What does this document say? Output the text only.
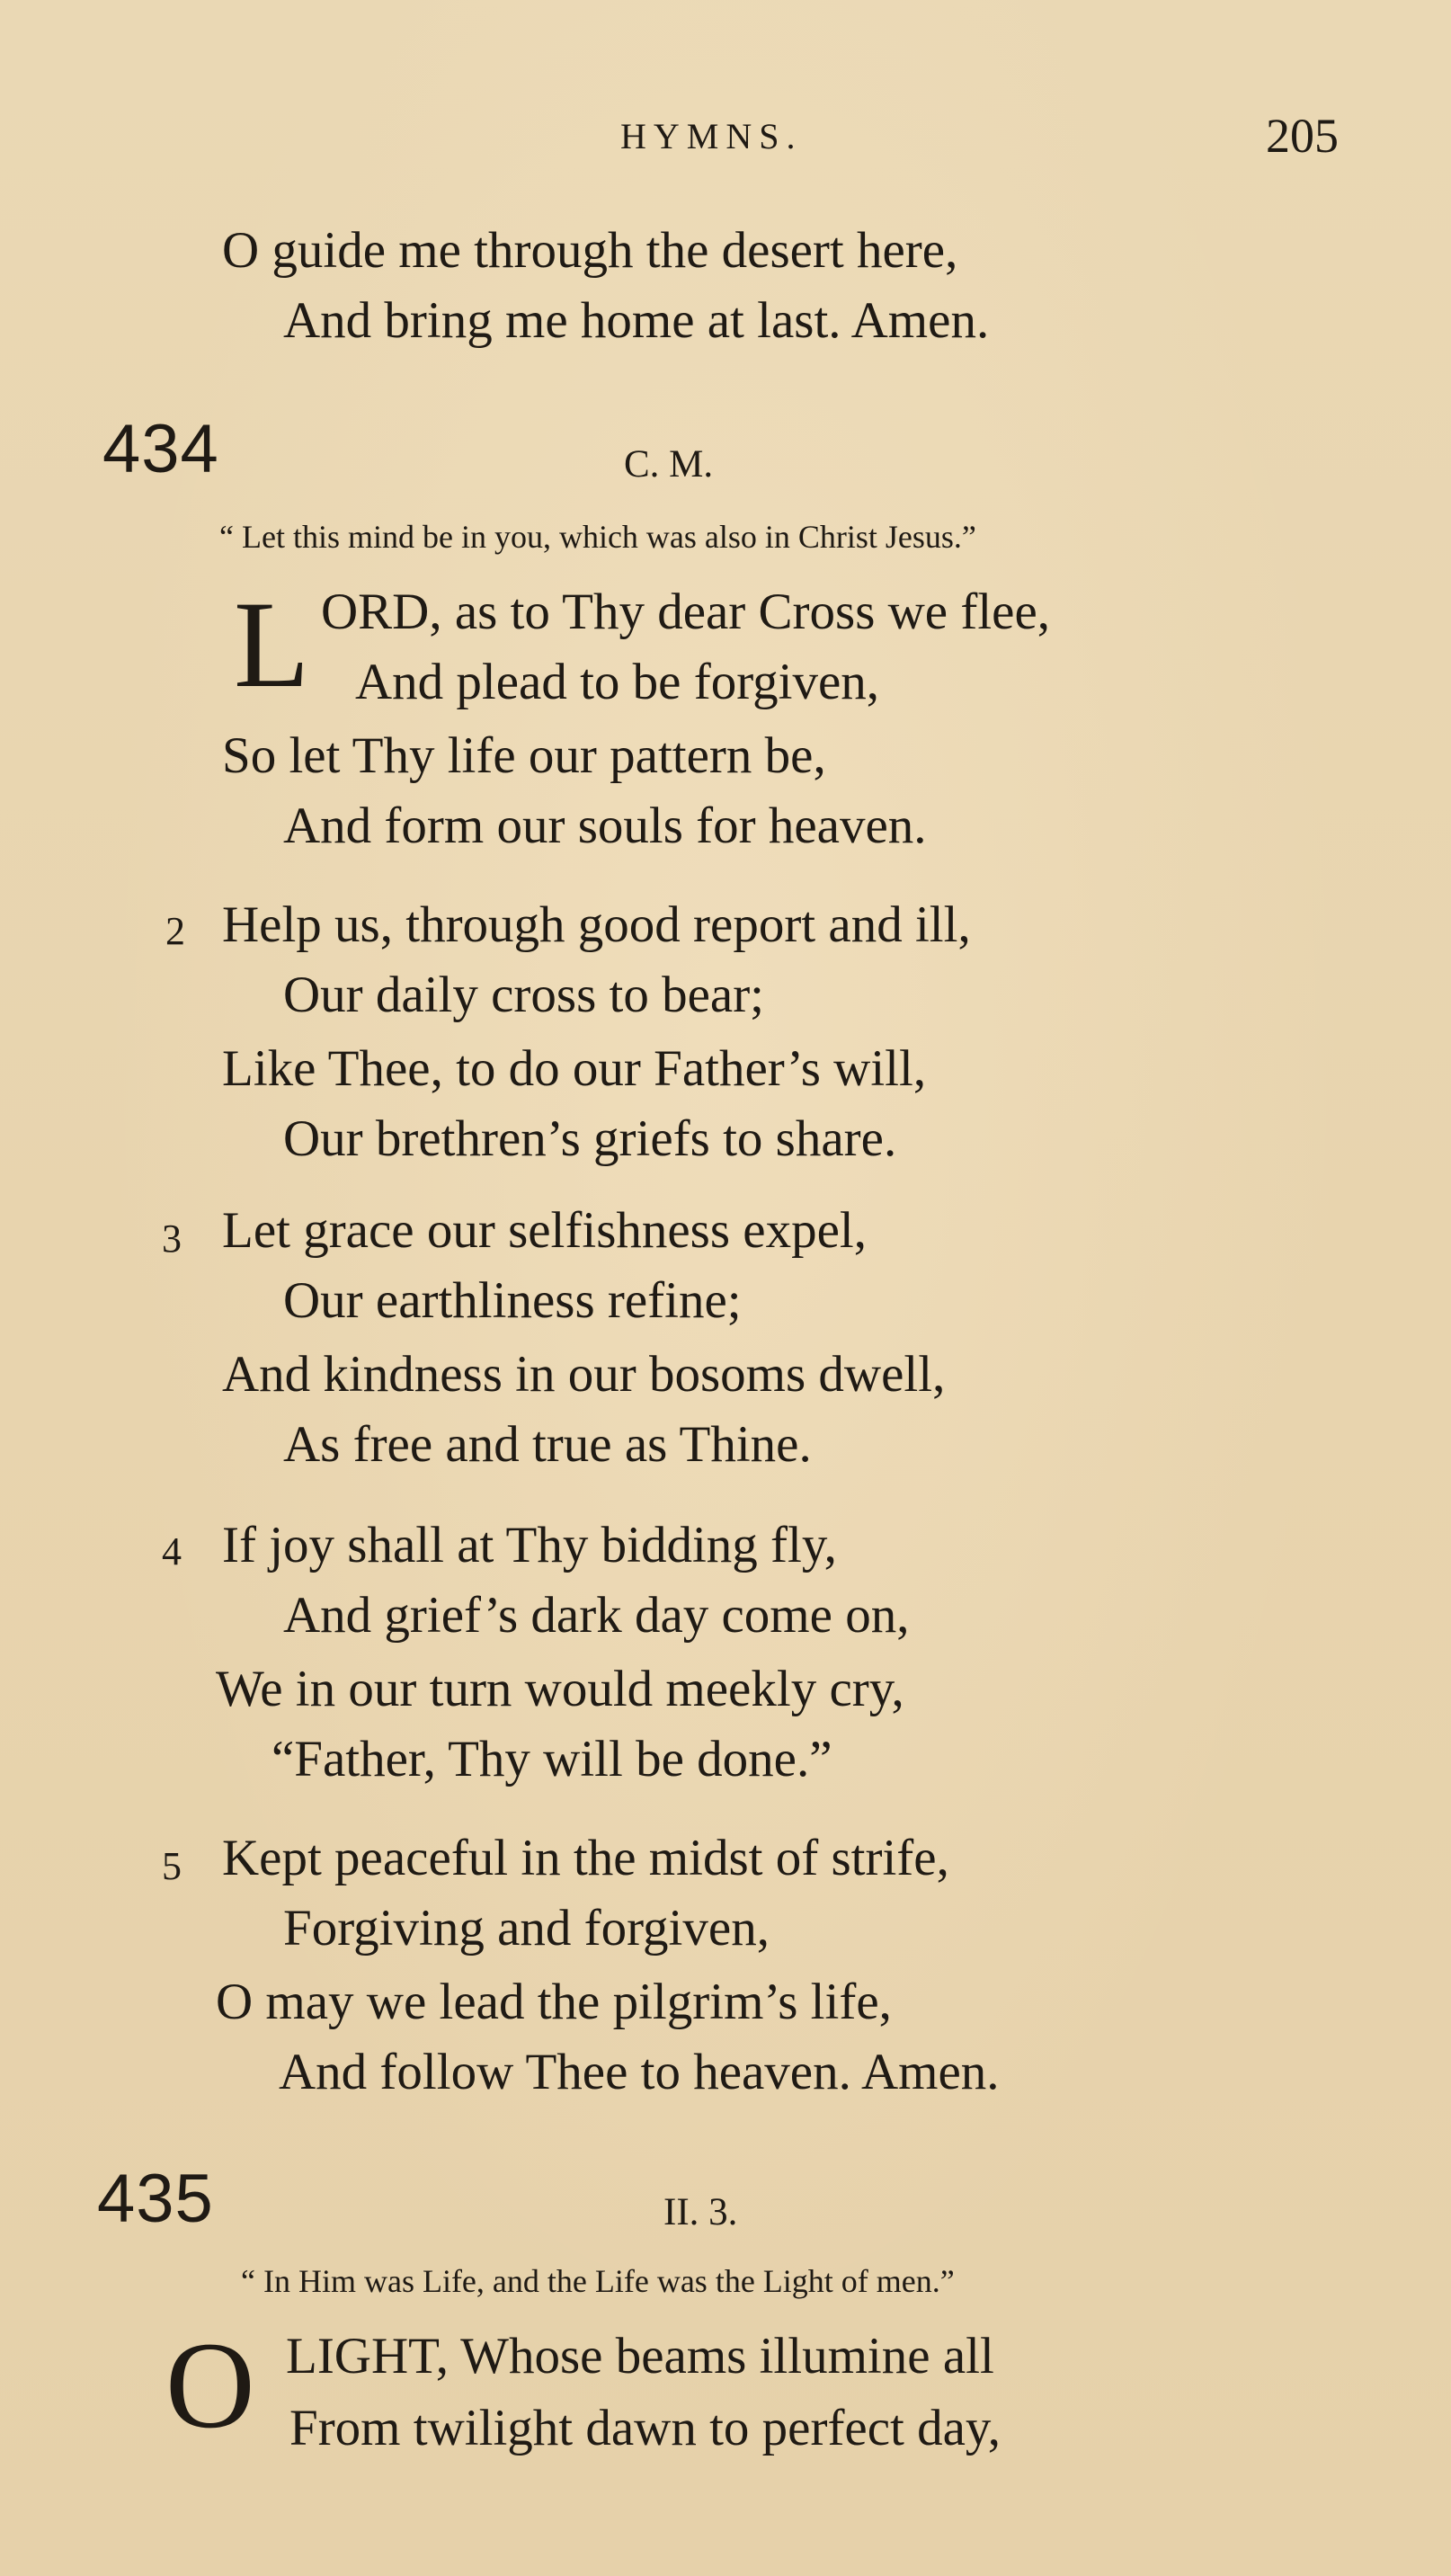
HYMNS.	205
O guide me through the desert here,
And bring me home at last. Amen.
434	C. M.
“ Let this mind be in you, which was also in Christ Jesus.”
L ORD, as to Thy dear Cross we flee,
And plead to be forgiven,
So let Thy life our pattern be,
And form our souls for heaven.
2 Help us, through good report and ill,
Our daily cross to bear;
Like Thee, to do our Father’s will,
Our brethren’s griefs to share.
3 Let grace our selfishness expel,
Our earthliness refine;
And kindness in our bosoms dwell,
As free and true as Thine.
4 If joy shall at Thy bidding fly,
And grief’s dark day come on,
We in our turn would meekly cry,
“Father, Thy will be done.”
5 Kept peaceful in the midst of strife,
Forgiving and forgiven,
O may we lead the pilgrim’s life,
And follow Thee to heaven. Amen.
435	II. 3.
“ In Him was Life, and the Life was the Light of men.”
O LIGHT, Whose beams illumine all
From twilight dawn to perfect day,
